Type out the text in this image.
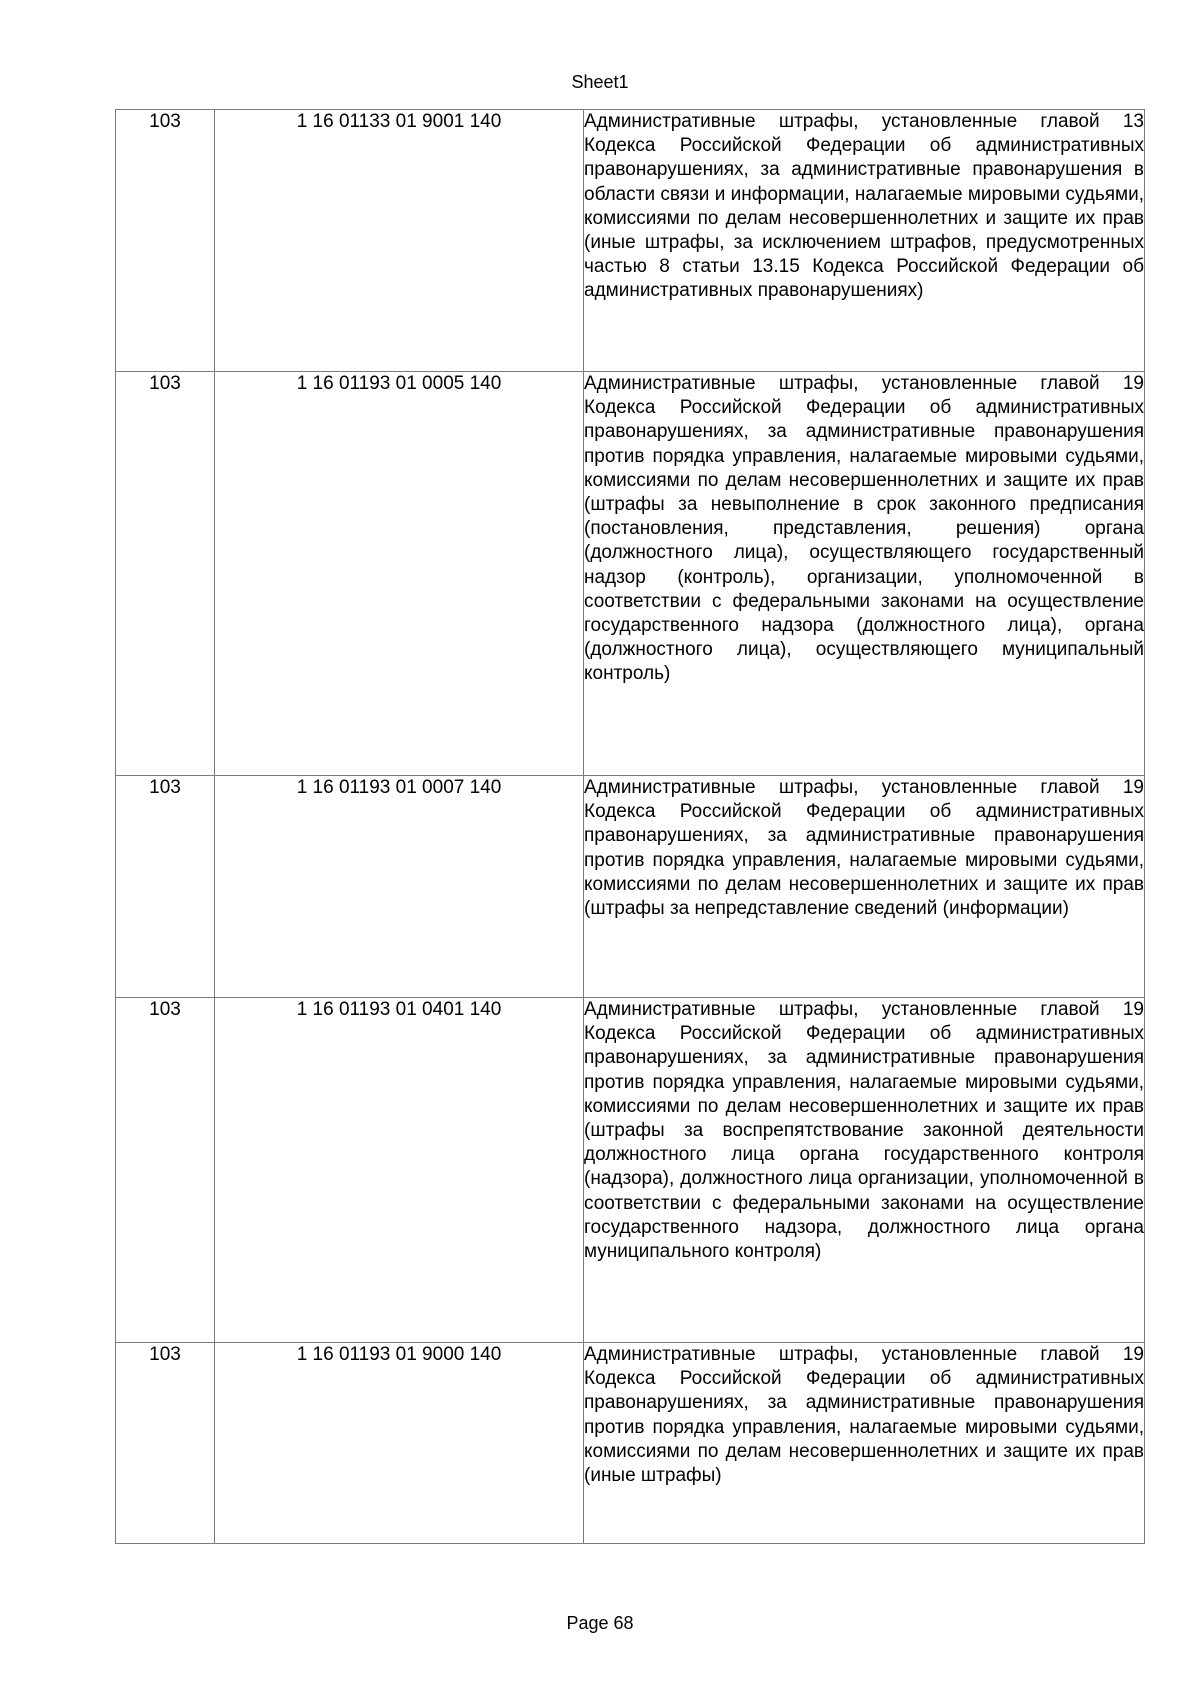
Sheet1
103	1 16 01133 01 9001 140	Административные штрафы, установленные главой 13 Кодекса Российской Федерации об административных правонарушениях, за административные правонарушения в области связи и информации, налагаемые мировыми судьями, комиссиями по делам несовершеннолетних и защите их прав (иные штрафы, за исключением штрафов, предусмотренных частью 8 статьи 13.15 Кодекса Российской Федерации об административных правонарушениях)
103	1 16 01193 01 0005 140	Административные штрафы, установленные главой 19 Кодекса Российской Федерации об административных правонарушениях, за административные правонарушения против порядка управления, налагаемые мировыми судьями, комиссиями по делам несовершеннолетних и защите их прав (штрафы за невыполнение в срок законного предписания (постановления, представления, решения) органа (должностного лица), осуществляющего государственный надзор (контроль), организации, уполномоченной в соответствии с федеральными законами на осуществление государственного надзора (должностного лица), органа (должностного лица), осуществляющего муниципальный контроль)
103	1 16 01193 01 0007 140	Административные штрафы, установленные главой 19 Кодекса Российской Федерации об административных правонарушениях, за административные правонарушения против порядка управления, налагаемые мировыми судьями, комиссиями по делам несовершеннолетних и защите их прав (штрафы за непредставление сведений (информации)
103	1 16 01193 01 0401 140	Административные штрафы, установленные главой 19 Кодекса Российской Федерации об административных правонарушениях, за административные правонарушения против порядка управления, налагаемые мировыми судьями, комиссиями по делам несовершеннолетних и защите их прав (штрафы за воспрепятствование законной деятельности должностного лица органа государственного контроля (надзора), должностного лица организации, уполномоченной в соответствии с федеральными законами на осуществление государственного надзора, должностного лица органа муниципального контроля)
103	1 16 01193 01 9000 140	Административные штрафы, установленные главой 19 Кодекса Российской Федерации об административных правонарушениях, за административные правонарушения против порядка управления, налагаемые мировыми судьями, комиссиями по делам несовершеннолетних и защите их прав (иные штрафы)
Page 68
